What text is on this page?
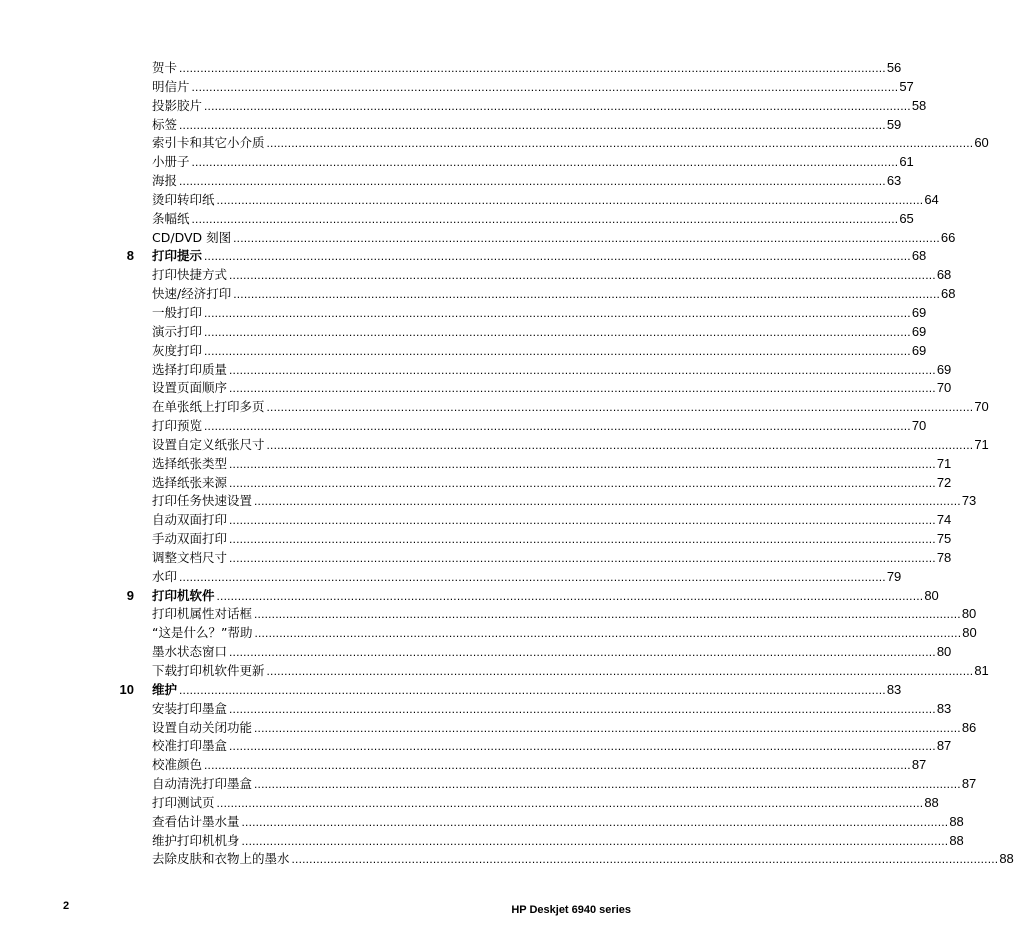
贺卡 ........................................................................................................................................................................................................ 56
明信片 ........................................................................................................................................................................................................ 57
投影胶片 ........................................................................................................................................................................................................ 58
标签 ........................................................................................................................................................................................................ 59
索引卡和其它小介质 ........................................................................................................................................................................................................ 60
小册子 ........................................................................................................................................................................................................ 61
海报 ........................................................................................................................................................................................................ 63
烫印转印纸 ........................................................................................................................................................................................................ 64
条幅纸 ........................................................................................................................................................................................................ 65
CD/DVD 刻图 ........................................................................................................................................................................................................ 66
8 打印提示 ........................................................................................................................................................................................................ 68
打印快捷方式 ........................................................................................................................................................................................................ 68
快速/经济打印 ........................................................................................................................................................................................................ 68
一般打印 ........................................................................................................................................................................................................ 69
演示打印 ........................................................................................................................................................................................................ 69
灰度打印 ........................................................................................................................................................................................................ 69
选择打印质量 ........................................................................................................................................................................................................ 69
设置页面顺序 ........................................................................................................................................................................................................ 70
在单张纸上打印多页 ........................................................................................................................................................................................................ 70
打印预览 ........................................................................................................................................................................................................ 70
设置自定义纸张尺寸 ........................................................................................................................................................................................................ 71
选择纸张类型 ........................................................................................................................................................................................................ 71
选择纸张来源 ........................................................................................................................................................................................................ 72
打印任务快速设置 ........................................................................................................................................................................................................ 73
自动双面打印 ........................................................................................................................................................................................................ 74
手动双面打印 ........................................................................................................................................................................................................ 75
调整文档尺寸 ........................................................................................................................................................................................................ 78
水印 ........................................................................................................................................................................................................ 79
9 打印机软件 ........................................................................................................................................................................................................ 80
打印机属性对话框 ........................................................................................................................................................................................................ 80
“这是什么？”帮助 ........................................................................................................................................................................................................ 80
墨水状态窗口 ........................................................................................................................................................................................................ 80
下载打印机软件更新 ........................................................................................................................................................................................................ 81
10 维护 ........................................................................................................................................................................................................ 83
安装打印墨盒 ........................................................................................................................................................................................................ 83
设置自动关闭功能 ........................................................................................................................................................................................................ 86
校准打印墨盒 ........................................................................................................................................................................................................ 87
校准颜色 ........................................................................................................................................................................................................ 87
自动清洗打印墨盒 ........................................................................................................................................................................................................ 87
打印测试页 ........................................................................................................................................................................................................ 88
查看估计墨水量 ........................................................................................................................................................................................................ 88
维护打印机机身 ........................................................................................................................................................................................................ 88
去除皮肤和衣物上的墨水 ........................................................................................................................................................................................................ 88
2	HP Deskjet 6940 series
